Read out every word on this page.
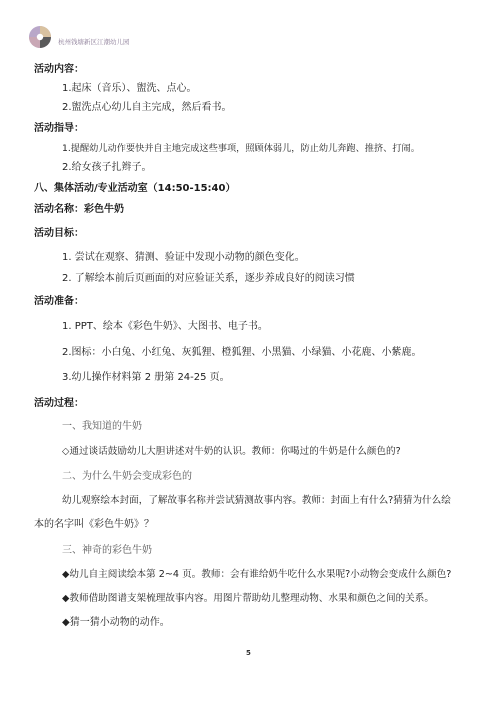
杭州钱塘新区江潮幼儿园
活动内容：
1.起床（音乐）、盥洗、点心。
2.盥洗点心幼儿自主完成，然后看书。
活动指导：
1.提醒幼儿动作要快并自主地完成这些事项，照顾体弱儿，防止幼儿奔跑、推挤、打闹。
2.给女孩子扎辫子。
八、集体活动/专业活动室（14:50-15:40）
活动名称：彩色牛奶
活动目标：
1. 尝试在观察、猜测、验证中发现小动物的颜色变化。
2. 了解绘本前后页画面的对应验证关系，逐步养成良好的阅读习惯
活动准备：
1. PPT、绘本《彩色牛奶》、大图书、电子书。
2.图标：小白兔、小红兔、灰狐狸、橙狐狸、小黑猫、小绿猫、小花鹿、小紫鹿。
3.幼儿操作材料第 2 册第 24-25 页。
活动过程：
一、我知道的牛奶
◇通过谈话鼓励幼儿大胆讲述对牛奶的认识。教师：你喝过的牛奶是什么颜色的?
二、为什么牛奶会变成彩色的
幼儿观察绘本封面，了解故事名称并尝试猜测故事内容。教师：封面上有什么?猜猜为什么绘
本的名字叫《彩色牛奶》？
三、神奇的彩色牛奶
◆幼儿自主阅读绘本第 2~4 页。教师：会有谁给奶牛吃什么水果呢?小动物会变成什么颜色?
◆教师借助图谱支架梳理故事内容。用图片帮助幼儿整理动物、水果和颜色之间的关系。
◆猜一猜小动物的动作。
5
